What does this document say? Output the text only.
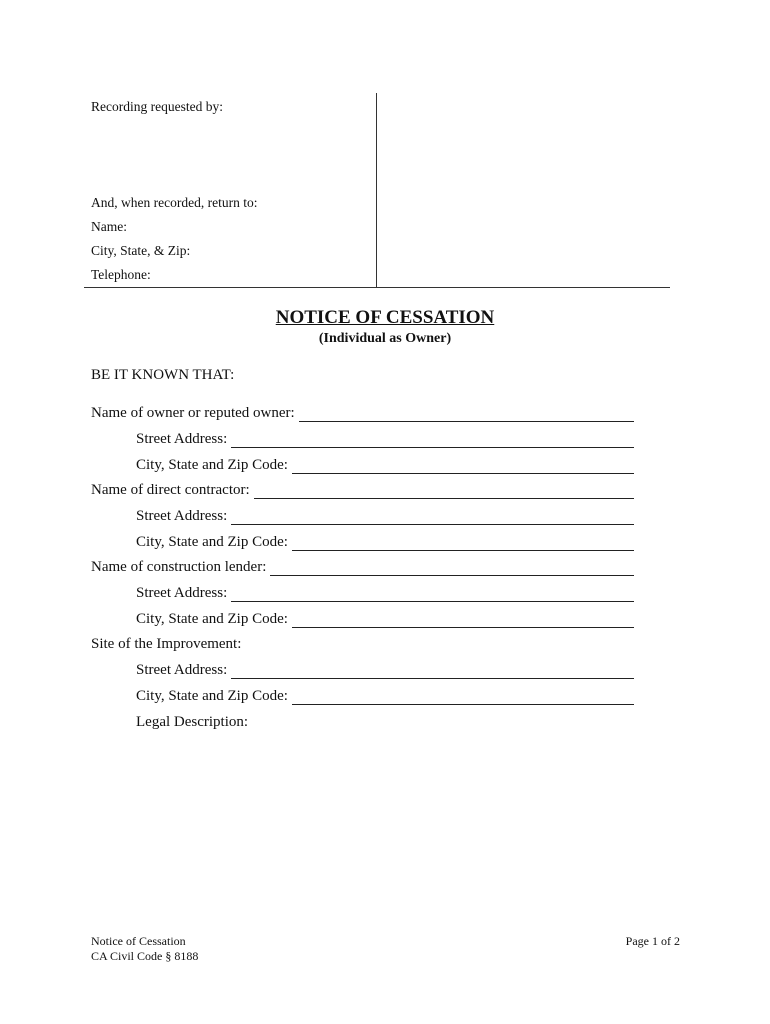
Recording requested by:
And, when recorded, return to:
Name:
City, State, & Zip:
Telephone:
NOTICE OF CESSATION
(Individual as Owner)
BE IT KNOWN THAT:
Name of owner or reputed owner:
Street Address:
City, State and Zip Code:
Name of direct contractor:
Street Address:
City, State and Zip Code:
Name of construction lender:
Street Address:
City, State and Zip Code:
Site of the Improvement:
Street Address:
City, State and Zip Code:
Legal Description:
Notice of Cessation
CA Civil Code § 8188
Page 1 of 2
